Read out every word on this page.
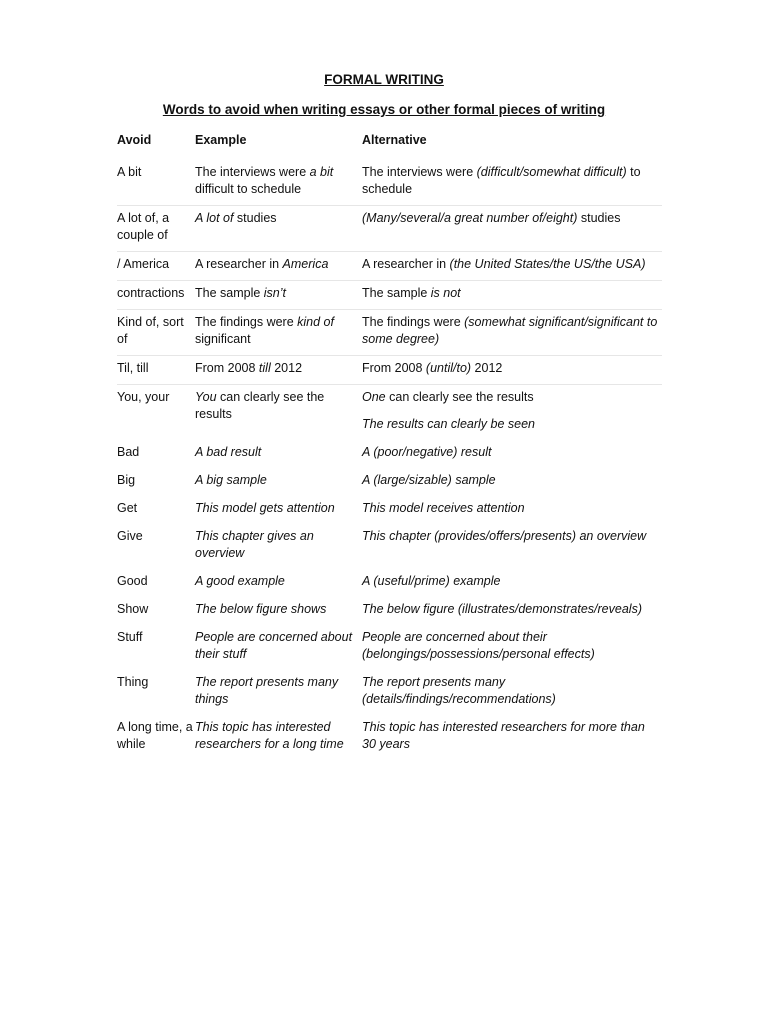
FORMAL WRITING
Words to avoid when writing essays or other formal pieces of writing
Avoid	Example	Alternative
A bit	The interviews were a bit difficult to schedule	The interviews were (difficult/somewhat difficult) to schedule

A lot of, a couple of	A lot of studies	(Many/several/a great number of/eight) studies

/ America	A researcher in America	A researcher in (the United States/the US/the USA)

contractions	The sample isn’t	The sample is not

Kind of, sort of	The findings were kind of significant	The findings were (somewhat significant/significant to some degree)

Til, till	From 2008 till 2012	From 2008 (until/to) 2012

You, your	You can clearly see the results	One can clearly see the results

The results can clearly be seen

Bad	A bad result	A (poor/negative) result

Big	A big sample	A (large/sizable) sample

Get	This model gets attention	This model receives attention

Give	This chapter gives an overview	This chapter (provides/offers/presents) an overview

Good	A good example	A (useful/prime) example

Show	The below figure shows	The below figure (illustrates/demonstrates/reveals)

Stuff	People are concerned about their stuff	People are concerned about their (belongings/possessions/personal effects)

Thing	The report presents many things	The report presents many (details/findings/recommendations)

A long time, a while	This topic has interested researchers for a long time	This topic has interested researchers for more than 30 years
